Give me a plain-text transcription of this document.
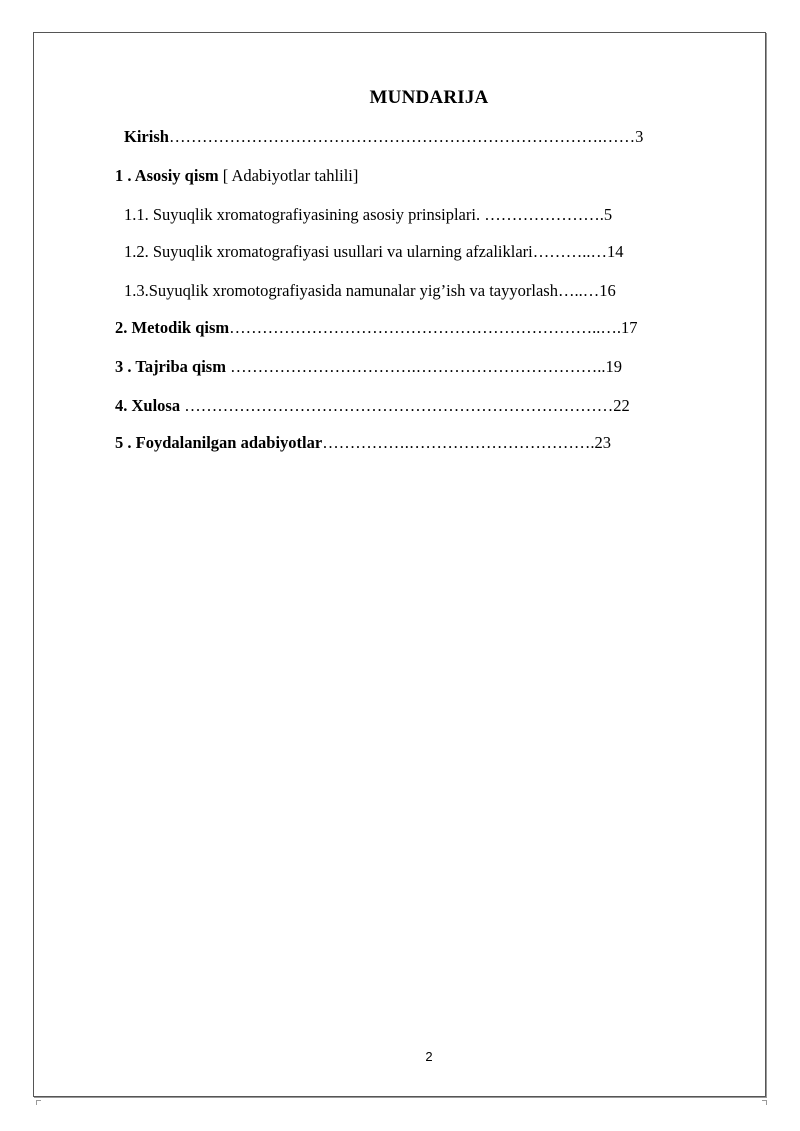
MUNDARIJA
Kirish…………………………………………………………………….……3
1 . Asosiy qism [ Adabiyotlar tahlili]
1.1. Suyuqlik xromatografiyasining asosiy prinsiplari. ………………….5
1.2. Suyuqlik xromatografiyasi usullari va ularning afzaliklari………..…14
1.3.Suyuqlik xromotografiyasida namunalar yig’ish va tayyorlash…..…16
2. Metodik qism…………………………………………………………..….17
3 . Tajriba qism …………………………….……………………………..19
4. Xulosa ……………………………………………………………………22
5 . Foydalanilgan adabiyotlar…………….…………………………….23
2
